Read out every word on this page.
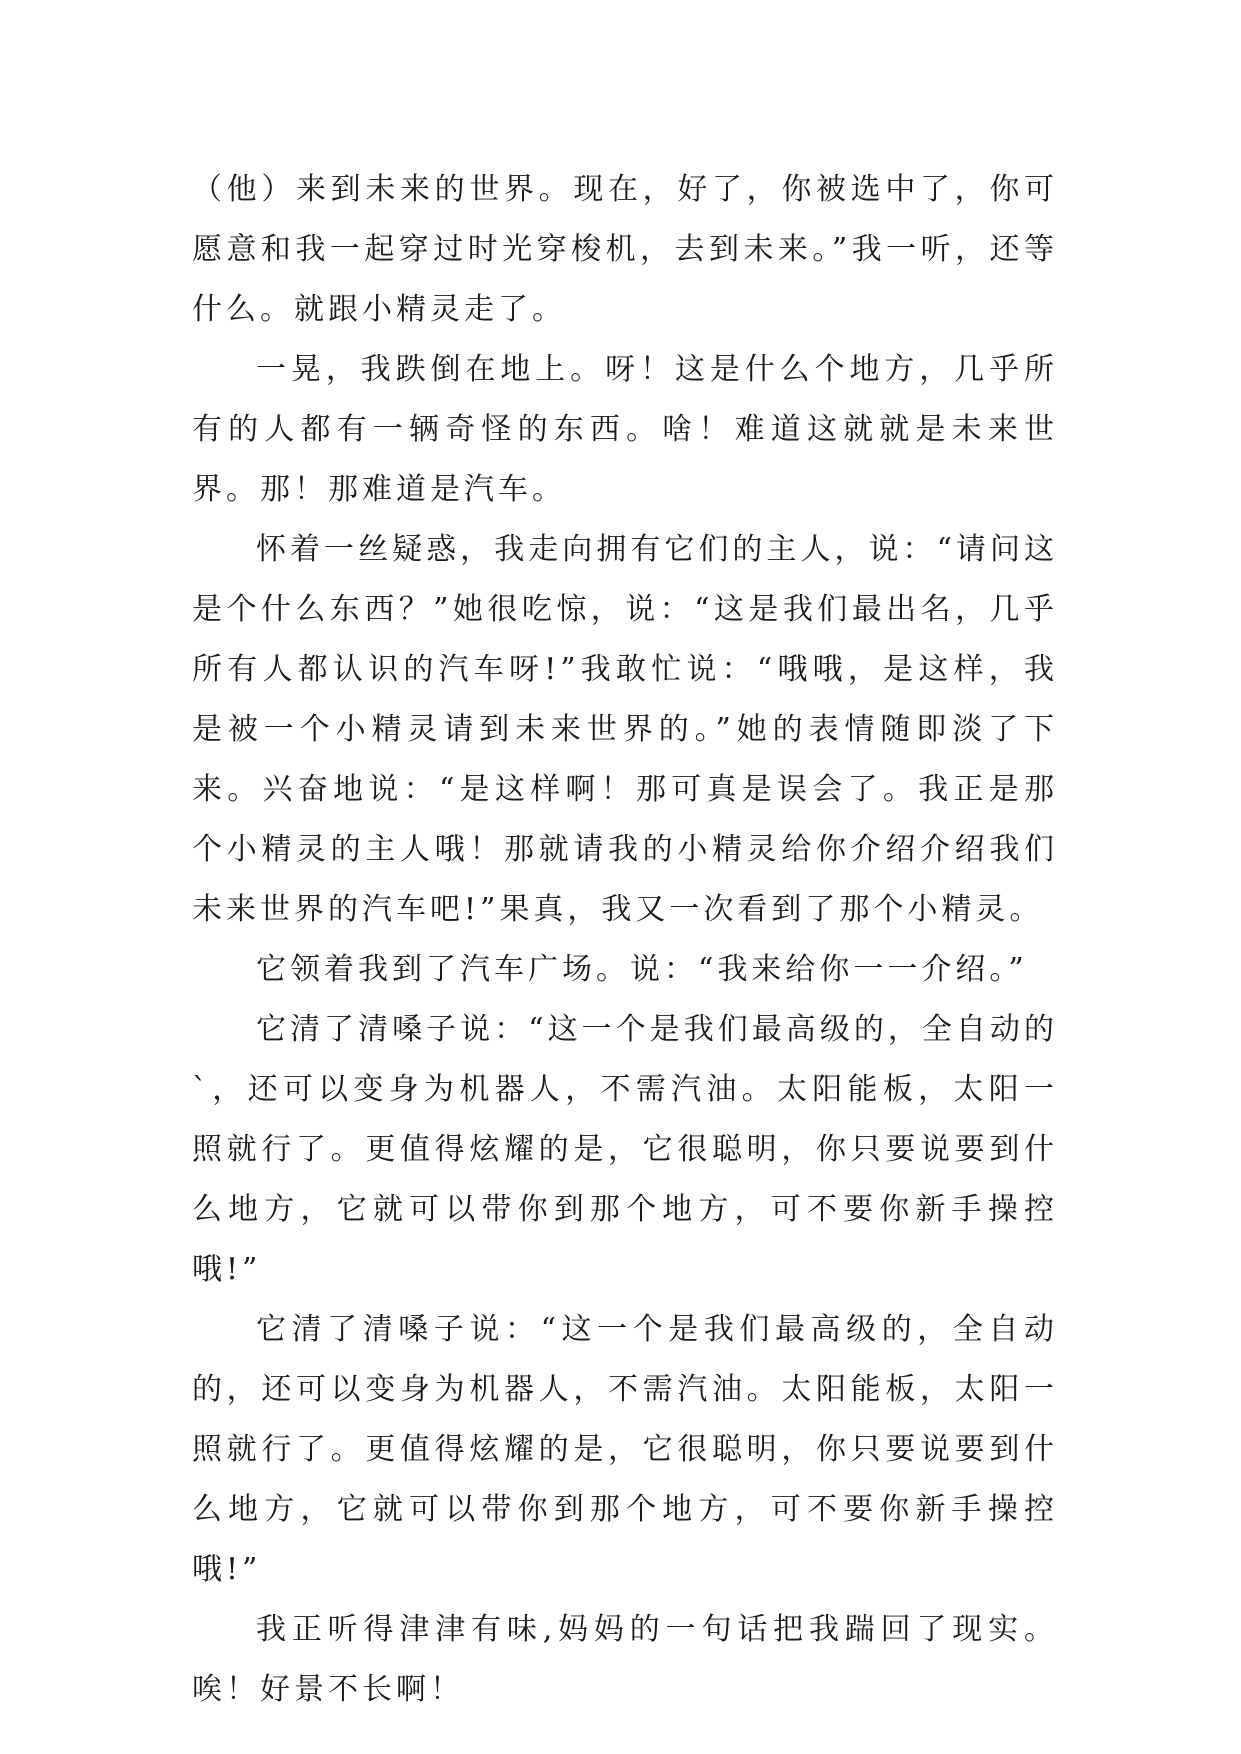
（他）来到未来的世界。现在，好了，你被选中了，你可愿意和我一起穿过时光穿梭机，去到未来。”我一听，还等什么。就跟小精灵走了。

一晃，我跌倒在地上。呀！这是什么个地方，几乎所有的人都有一辆奇怪的东西。啥！难道这就就是未来世界。那！那难道是汽车。

怀着一丝疑惑，我走向拥有它们的主人，说：“请问这是个什么东西？”她很吃惊，说：“这是我们最出名，几乎所有人都认识的汽车呀!”我敢忙说：“哦哦，是这样，我是被一个小精灵请到未来世界的。”她的表情随即淡了下来。兴奋地说：“是这样啊！那可真是误会了。我正是那个小精灵的主人哦！那就请我的小精灵给你介绍介绍我们未来世界的汽车吧!”果真，我又一次看到了那个小精灵。

它领着我到了汽车广场。说：“我来给你一一介绍。”

它清了清嗓子说：“这一个是我们最高级的，全自动的`，还可以变身为机器人，不需汽油。太阳能板，太阳一照就行了。更值得炫耀的是，它很聪明，你只要说要到什么地方，它就可以带你到那个地方，可不要你新手操控哦!”

它清了清嗓子说：“这一个是我们最高级的，全自动的，还可以变身为机器人，不需汽油。太阳能板，太阳一照就行了。更值得炫耀的是，它很聪明，你只要说要到什么地方，它就可以带你到那个地方，可不要你新手操控哦!”

我正听得津津有味,妈妈的一句话把我踹回了现实。唉！好景不长啊！
